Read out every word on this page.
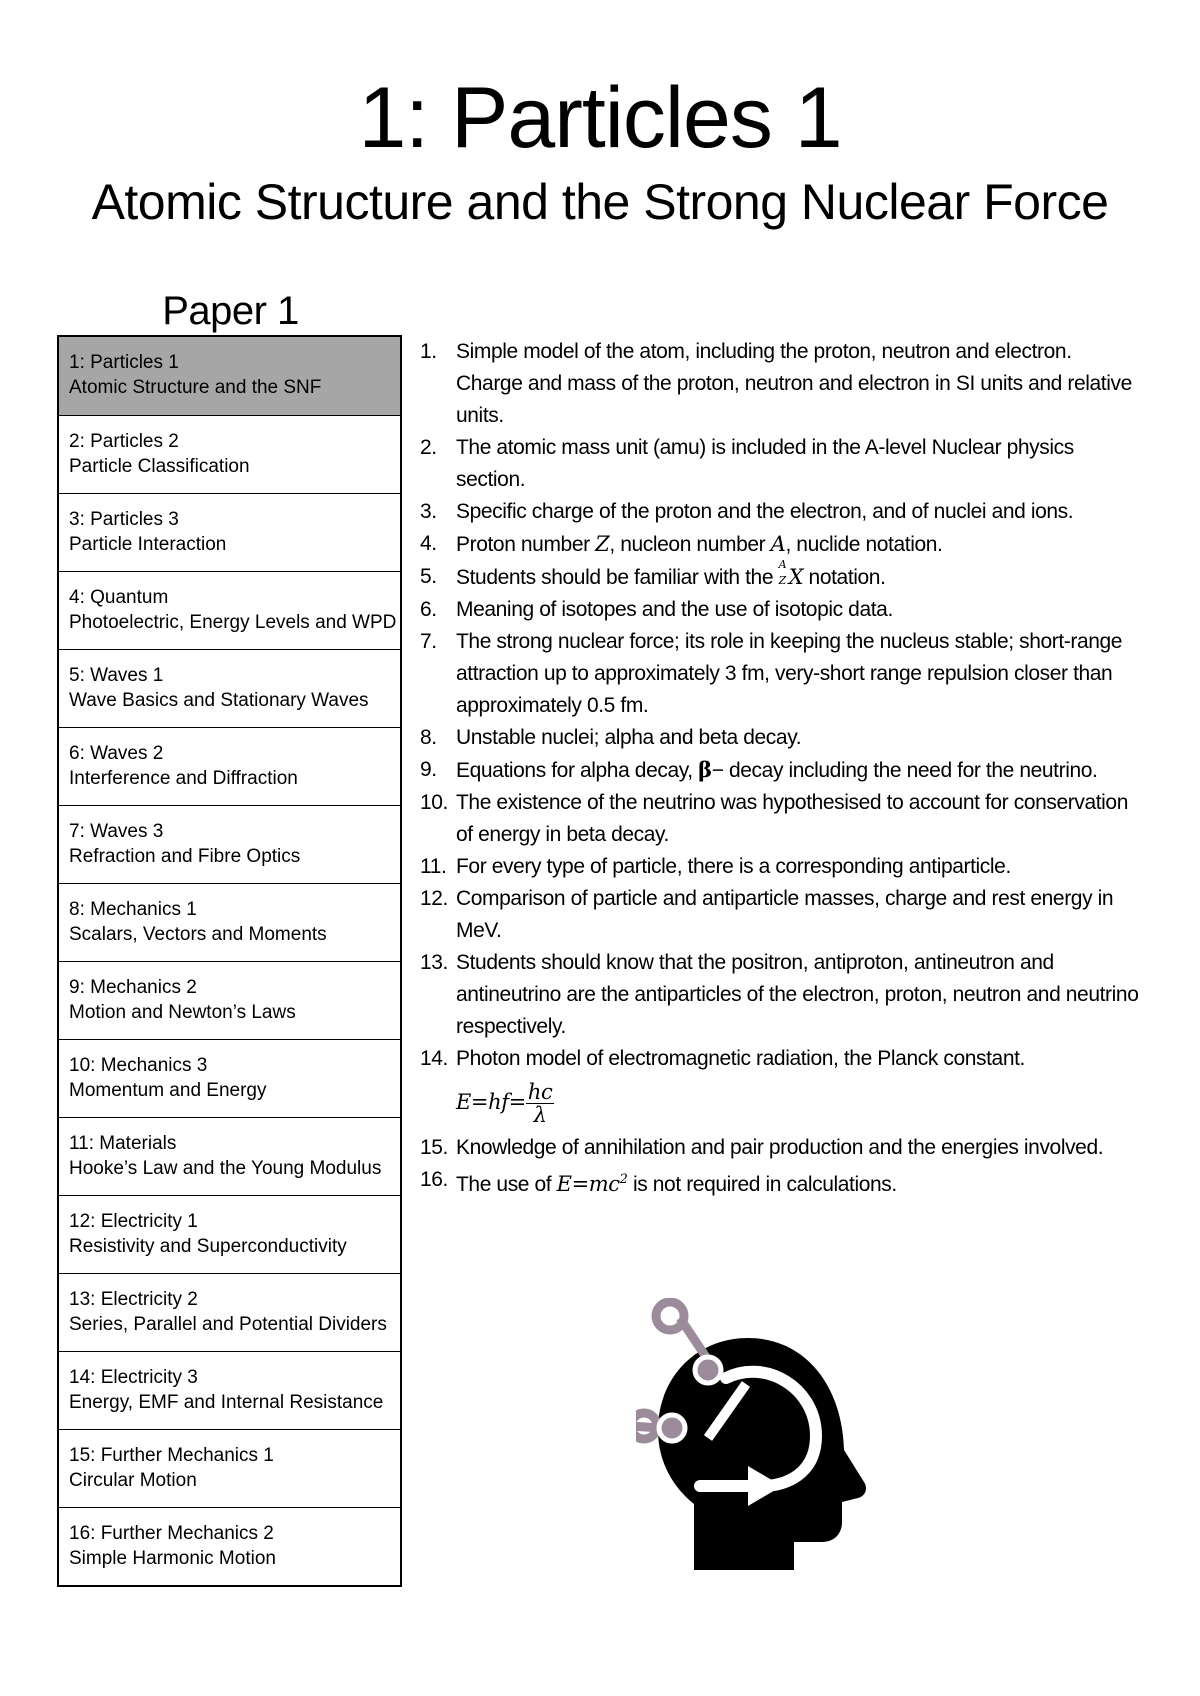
1: Particles 1
Atomic Structure and the Strong Nuclear Force
Paper 1
1: Particles 1
Atomic Structure and the SNF
2: Particles 2
Particle Classification
3: Particles 3
Particle Interaction
4: Quantum
Photoelectric, Energy Levels and WPD
5: Waves 1
Wave Basics and Stationary Waves
6: Waves 2
Interference and Diffraction
7: Waves 3
Refraction and Fibre Optics
8: Mechanics 1
Scalars, Vectors and Moments
9: Mechanics 2
Motion and Newton’s Laws
10: Mechanics 3
Momentum and Energy
11: Materials
Hooke’s Law and the Young Modulus
12: Electricity 1
Resistivity and Superconductivity
13: Electricity 2
Series, Parallel and Potential Dividers
14: Electricity 3
Energy, EMF and Internal Resistance
15: Further Mechanics 1
Circular Motion
16: Further Mechanics 2
Simple Harmonic Motion
1. Simple model of the atom, including the proton, neutron and electron. Charge and mass of the proton, neutron and electron in SI units and relative units.
2. The atomic mass unit (amu) is included in the A-level Nuclear physics section.
3. Specific charge of the proton and the electron, and of nuclei and ions.
4. Proton number Z, nucleon number A, nuclide notation.
5. Students should be familiar with the
A
Z X notation.
6. Meaning of isotopes and the use of isotopic data.
7. The strong nuclear force; its role in keeping the nucleus stable; short-range attraction up to approximately 3 fm, very-short range repulsion closer than approximately 0.5 fm.
8. Unstable nuclei; alpha and beta decay.
9. Equations for alpha decay, β− decay including the need for the neutrino.
10. The existence of the neutrino was hypothesised to account for conservation of energy in beta decay.
11. For every type of particle, there is a corresponding antiparticle.
12. Comparison of particle and antiparticle masses, charge and rest energy in MeV.
13. Students should know that the positron, antiproton, antineutron and antineutrino are the antiparticles of the electron, proton, neutron and neutrino respectively.
14. Photon model of electromagnetic radiation, the Planck constant.
$E=hf= \frac{hc}{\lambda}$
15. Knowledge of annihilation and pair production and the energies involved.
16. The use of $E=mc^2$ is not required in calculations.
